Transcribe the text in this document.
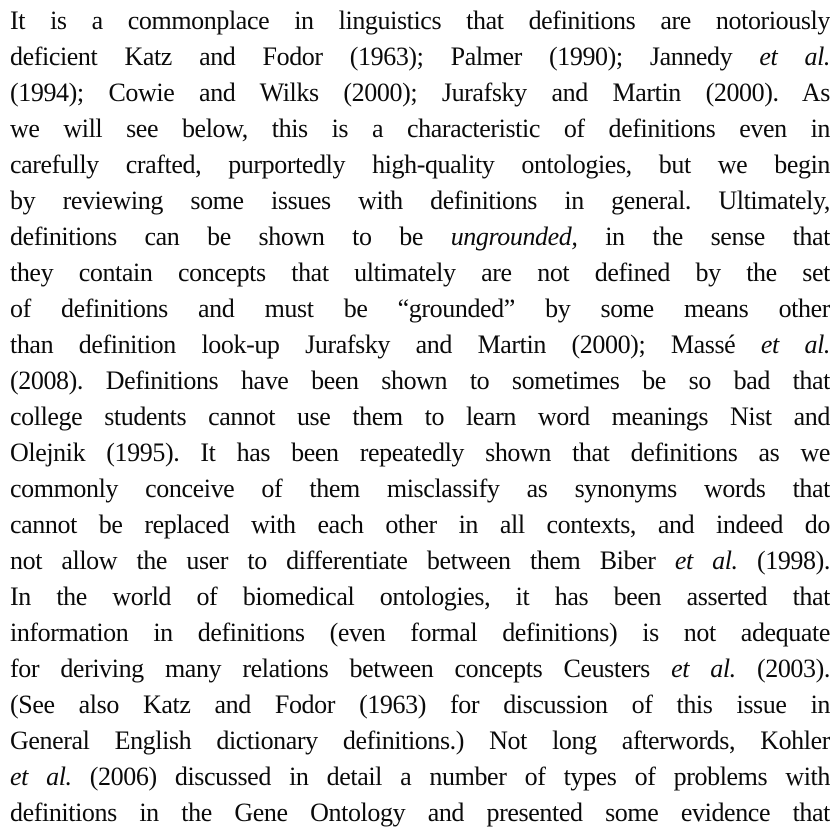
It is a commonplace in linguistics that definitions are notoriously
deficient Katz and Fodor (1963); Palmer (1990); Jannedy et al.
(1994); Cowie and Wilks (2000); Jurafsky and Martin (2000). As
we will see below, this is a characteristic of definitions even in
carefully crafted, purportedly high-quality ontologies, but we begin
by reviewing some issues with definitions in general. Ultimately,
definitions can be shown to be ungrounded, in the sense that
they contain concepts that ultimately are not defined by the set
of definitions and must be “grounded” by some means other
than definition look-up Jurafsky and Martin (2000); Massé et al.
(2008). Definitions have been shown to sometimes be so bad that
college students cannot use them to learn word meanings Nist and
Olejnik (1995). It has been repeatedly shown that definitions as we
commonly conceive of them misclassify as synonyms words that
cannot be replaced with each other in all contexts, and indeed do
not allow the user to differentiate between them Biber et al. (1998).
In the world of biomedical ontologies, it has been asserted that
information in definitions (even formal definitions) is not adequate
for deriving many relations between concepts Ceusters et al. (2003).
(See also Katz and Fodor (1963) for discussion of this issue in
General English dictionary definitions.) Not long afterwords, Kohler
et al. (2006) discussed in detail a number of types of problems with
definitions in the Gene Ontology and presented some evidence that
